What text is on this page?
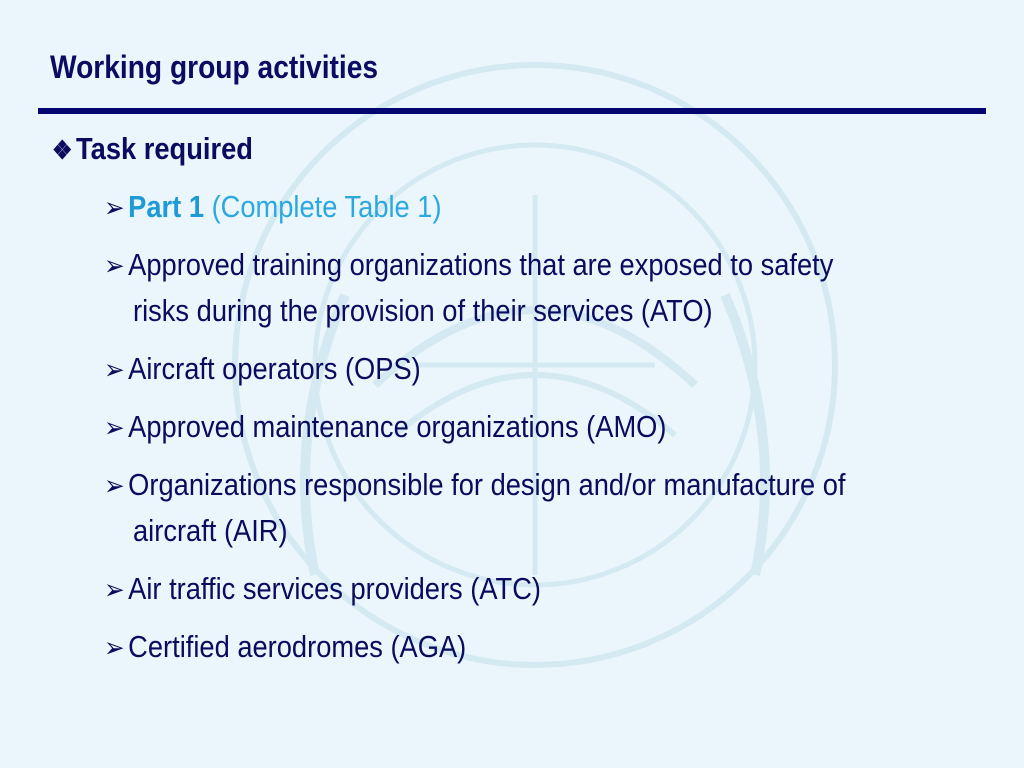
Working group activities
❖ Task required
➢ Part 1 (Complete Table 1)
➢ Approved training organizations that are exposed to safety
risks during the provision of their services (ATO)
➢ Aircraft operators (OPS)
➢ Approved maintenance organizations (AMO)
➢ Organizations responsible for design and/or manufacture of
aircraft (AIR)
➢ Air traffic services providers (ATC)
➢ Certified aerodromes (AGA)
